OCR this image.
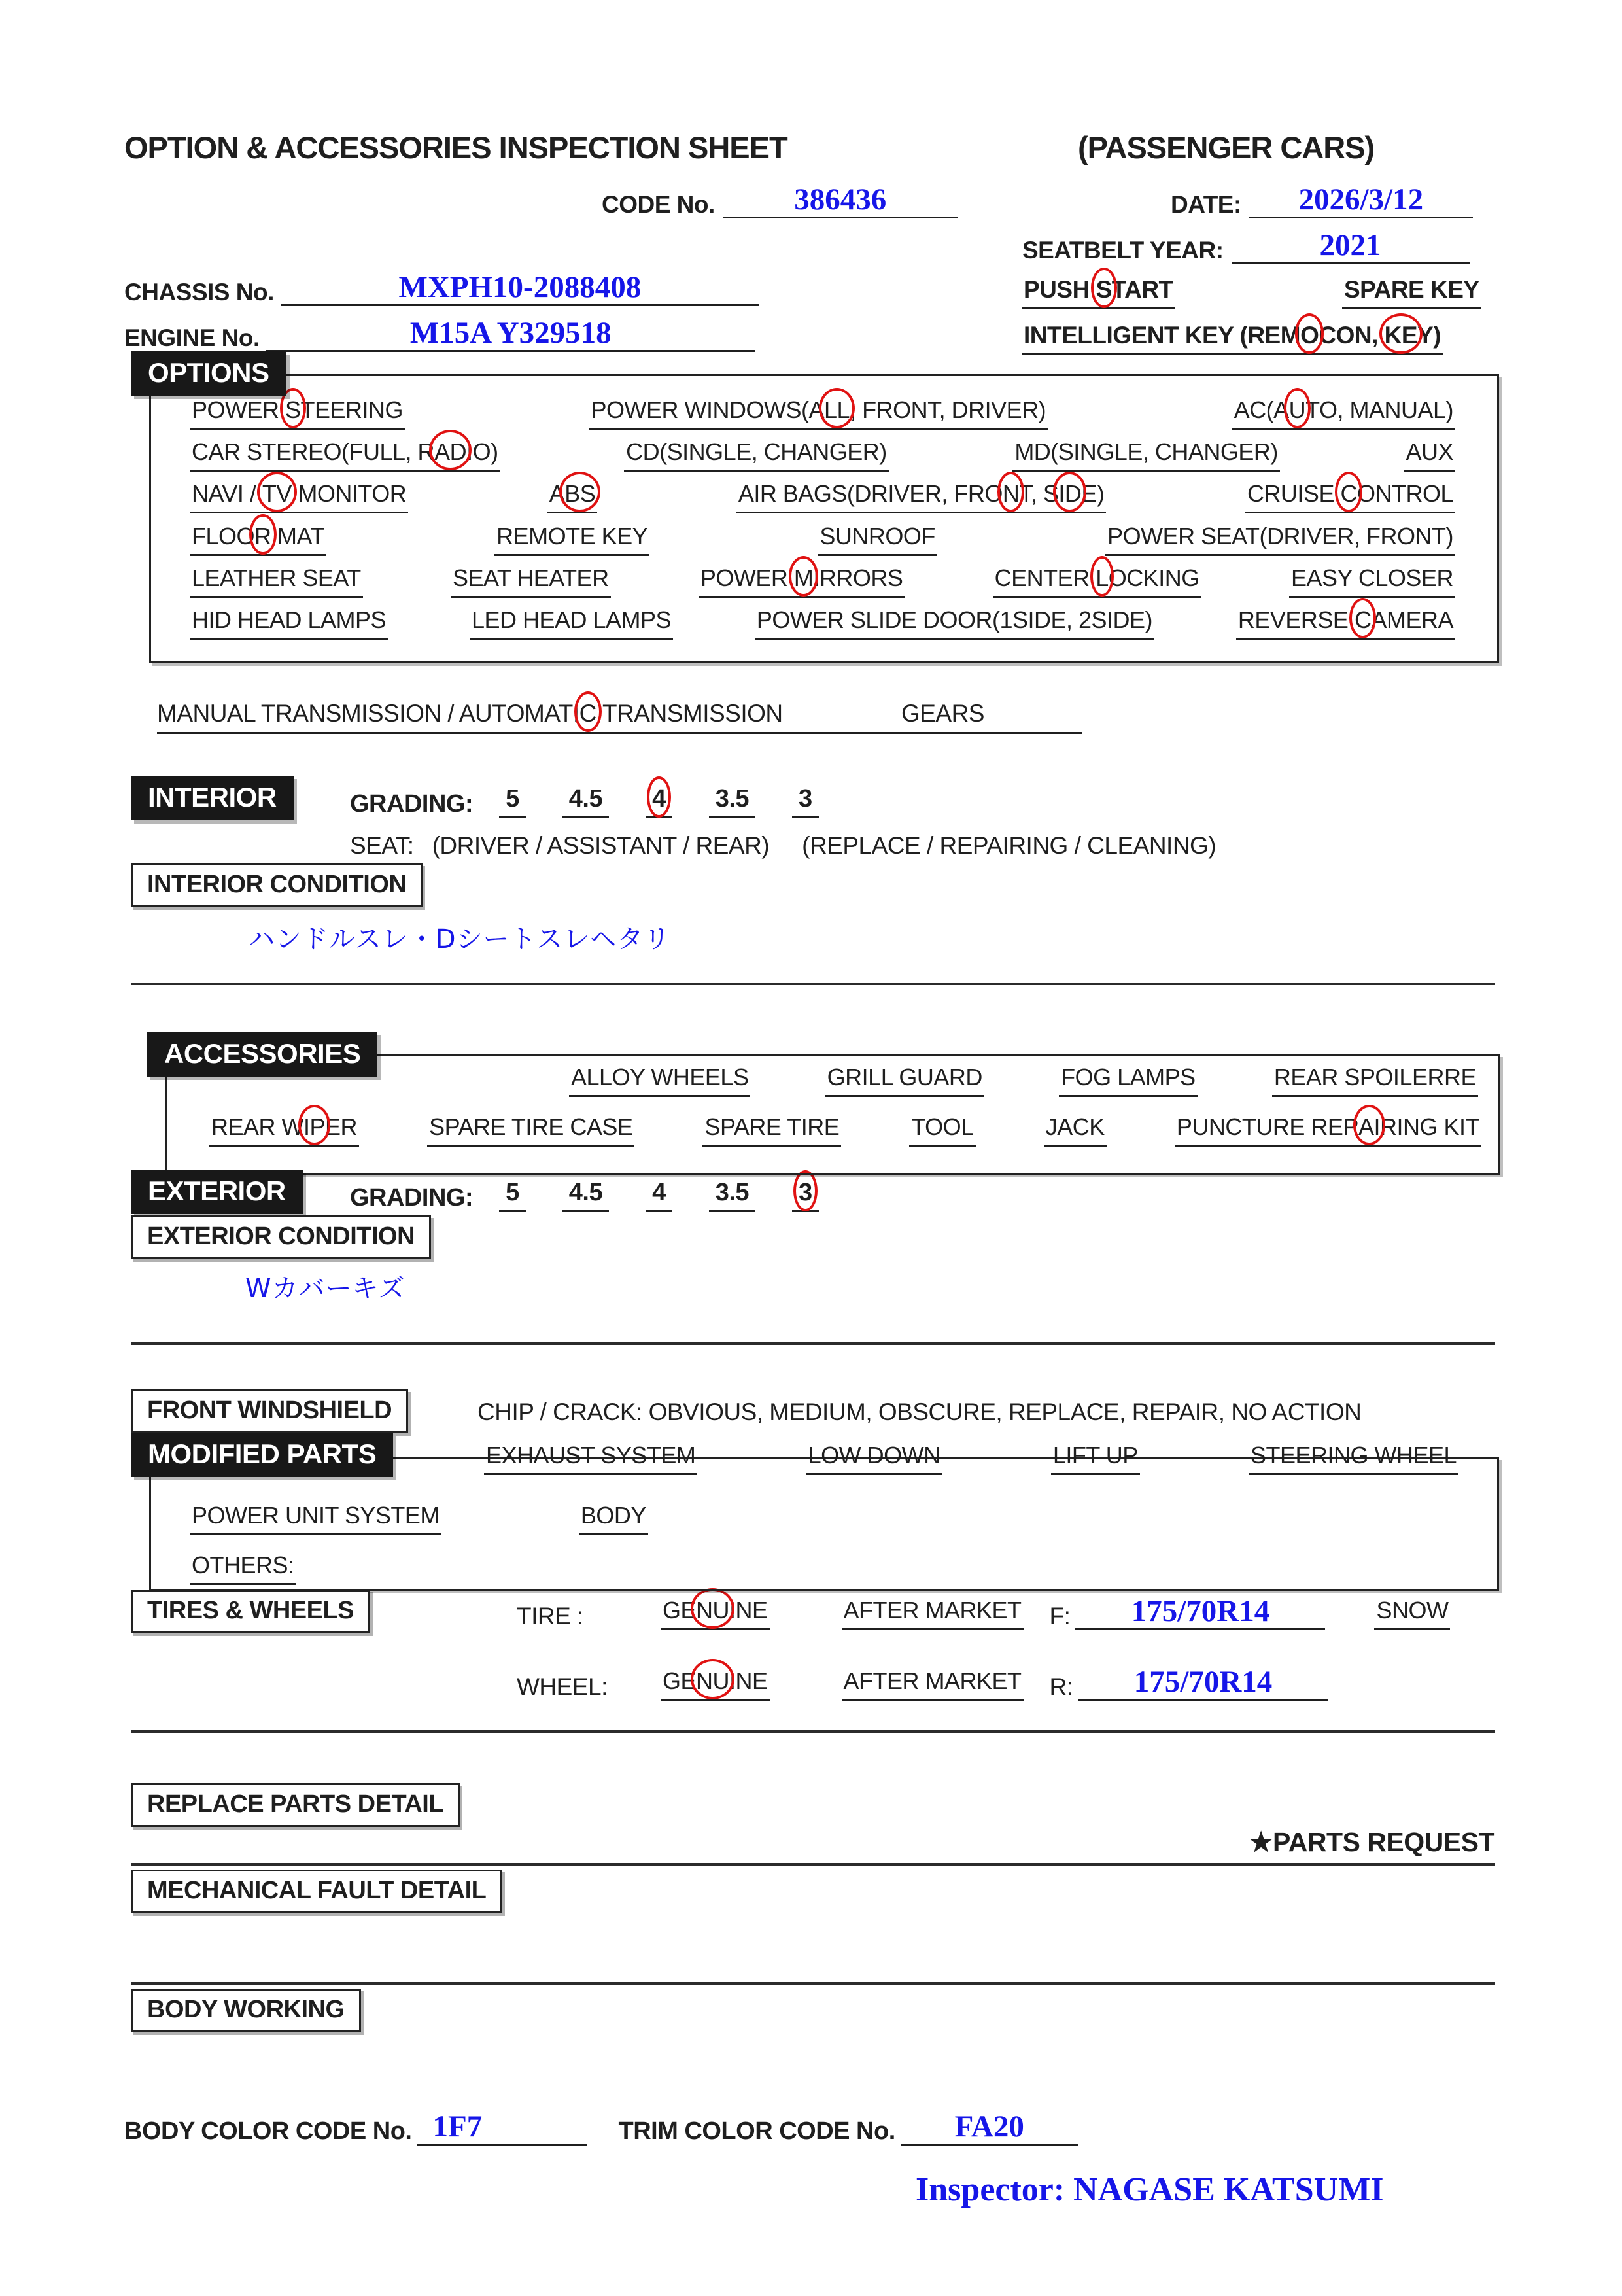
OPTION & ACCESSORIES INSPECTION SHEET	(PASSENGER CARS)
CODE No.	386436	DATE:	2026/3/12
SEATBELT YEAR:	2021
CHASSIS No.	MXPH10-2088408	PUSH START	SPARE KEY
ENGINE No.	M15A Y329518	INTELLIGENT KEY (REMOCON, KEY)
OPTIONS
POWER STEERING	POWER WINDOWS(ALL, FRONT, DRIVER)	AC(AUTO, MANUAL)
CAR STEREO(FULL, RADIO)	CD(SINGLE, CHANGER)	MD(SINGLE, CHANGER)	AUX
NAVI / TV MONITOR	ABS	AIR BAGS(DRIVER, FRONT, SIDE)	CRUISE CONTROL
FLOOR MAT	REMOTE KEY	SUNROOF	POWER SEAT(DRIVER, FRONT)
LEATHER SEAT	SEAT HEATER	POWER MIRRORS	CENTER LOCKING	EASY CLOSER
HID HEAD LAMPS	LED HEAD LAMPS	POWER SLIDE DOOR(1SIDE, 2SIDE)	REVERSE CAMERA
MANUAL TRANSMISSION / AUTOMATIC TRANSMISSION	GEARS
INTERIOR	GRADING: 5 4.5 4 3.5 3
SEAT: (DRIVER / ASSISTANT / REAR) (REPLACE / REPAIRING / CLEANING)
INTERIOR CONDITION
ハンドルスレ・Dシートスレヘタリ
ACCESSORIES
ALLOY WHEELS	GRILL GUARD	FOG LAMPS	REAR SPOILERRE
REAR WIPER	SPARE TIRE CASE	SPARE TIRE	TOOL	JACK	PUNCTURE REPAIRING KIT
EXTERIOR	GRADING: 5 4.5 4 3.5 3
EXTERIOR CONDITION
Wカバーキズ
FRONT WINDSHIELD	CHIP / CRACK: OBVIOUS, MEDIUM, OBSCURE, REPLACE, REPAIR, NO ACTION
MODIFIED PARTS	EXHAUST SYSTEM	LOW DOWN	LIFT UP	STEERING WHEEL
POWER UNIT SYSTEM	BODY
OTHERS:
TIRES & WHEELS	TIRE :	GENUINE	AFTER MARKET F:	175/70R14	SNOW
WHEEL:	GENUINE	AFTER MARKET R:	175/70R14
REPLACE PARTS DETAIL
★PARTS REQUEST
MECHANICAL FAULT DETAIL
BODY WORKING
BODY COLOR CODE No. 1F7	TRIM COLOR CODE No.	FA20
Inspector: NAGASE KATSUMI
